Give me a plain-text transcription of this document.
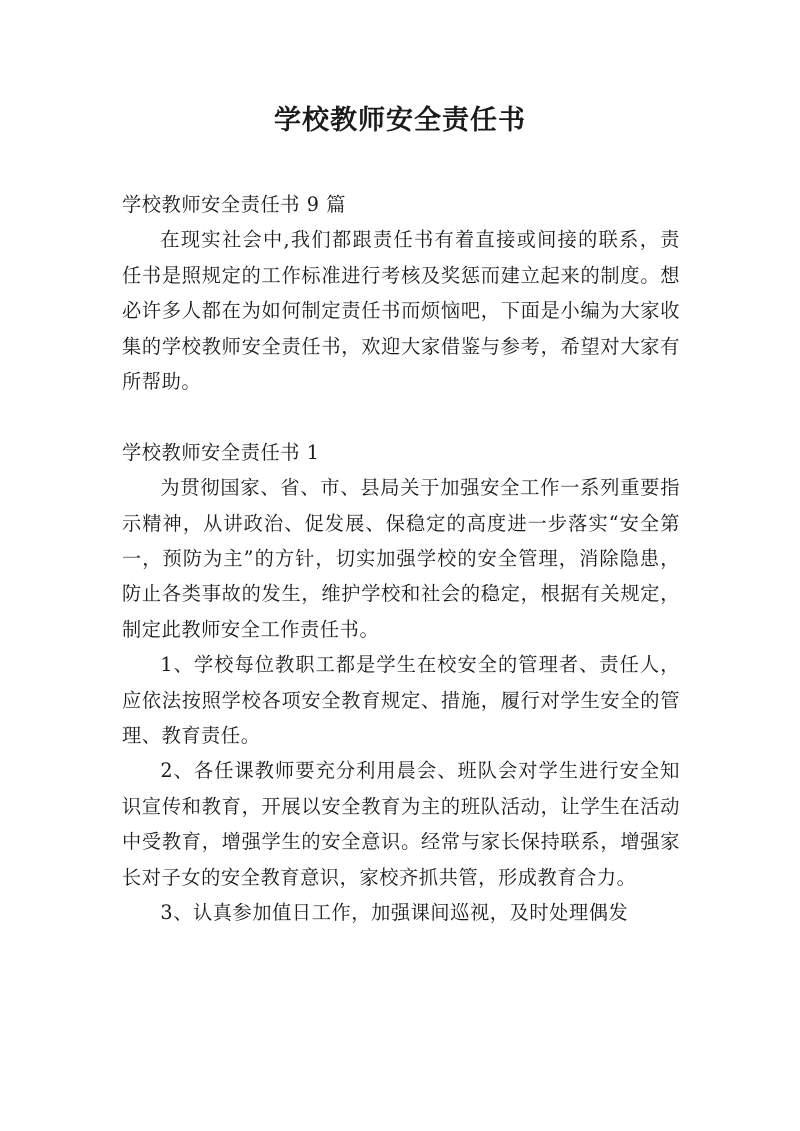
学校教师安全责任书

学校教师安全责任书 9 篇

在现实社会中,我们都跟责任书有着直接或间接的联系，责任书是照规定的工作标准进行考核及奖惩而建立起来的制度。想必许多人都在为如何制定责任书而烦恼吧，下面是小编为大家收集的学校教师安全责任书，欢迎大家借鉴与参考，希望对大家有所帮助。

学校教师安全责任书 1

为贯彻国家、省、市、县局关于加强安全工作一系列重要指示精神，从讲政治、促发展、保稳定的高度进一步落实“安全第一，预防为主”的方针，切实加强学校的安全管理，消除隐患，防止各类事故的发生，维护学校和社会的稳定，根据有关规定，制定此教师安全工作责任书。

1、学校每位教职工都是学生在校安全的管理者、责任人，应依法按照学校各项安全教育规定、措施，履行对学生安全的管理、教育责任。

2、各任课教师要充分利用晨会、班队会对学生进行安全知识宣传和教育，开展以安全教育为主的班队活动，让学生在活动中受教育，增强学生的安全意识。经常与家长保持联系，增强家长对子女的安全教育意识，家校齐抓共管，形成教育合力。

3、认真参加值日工作，加强课间巡视，及时处理偶发
